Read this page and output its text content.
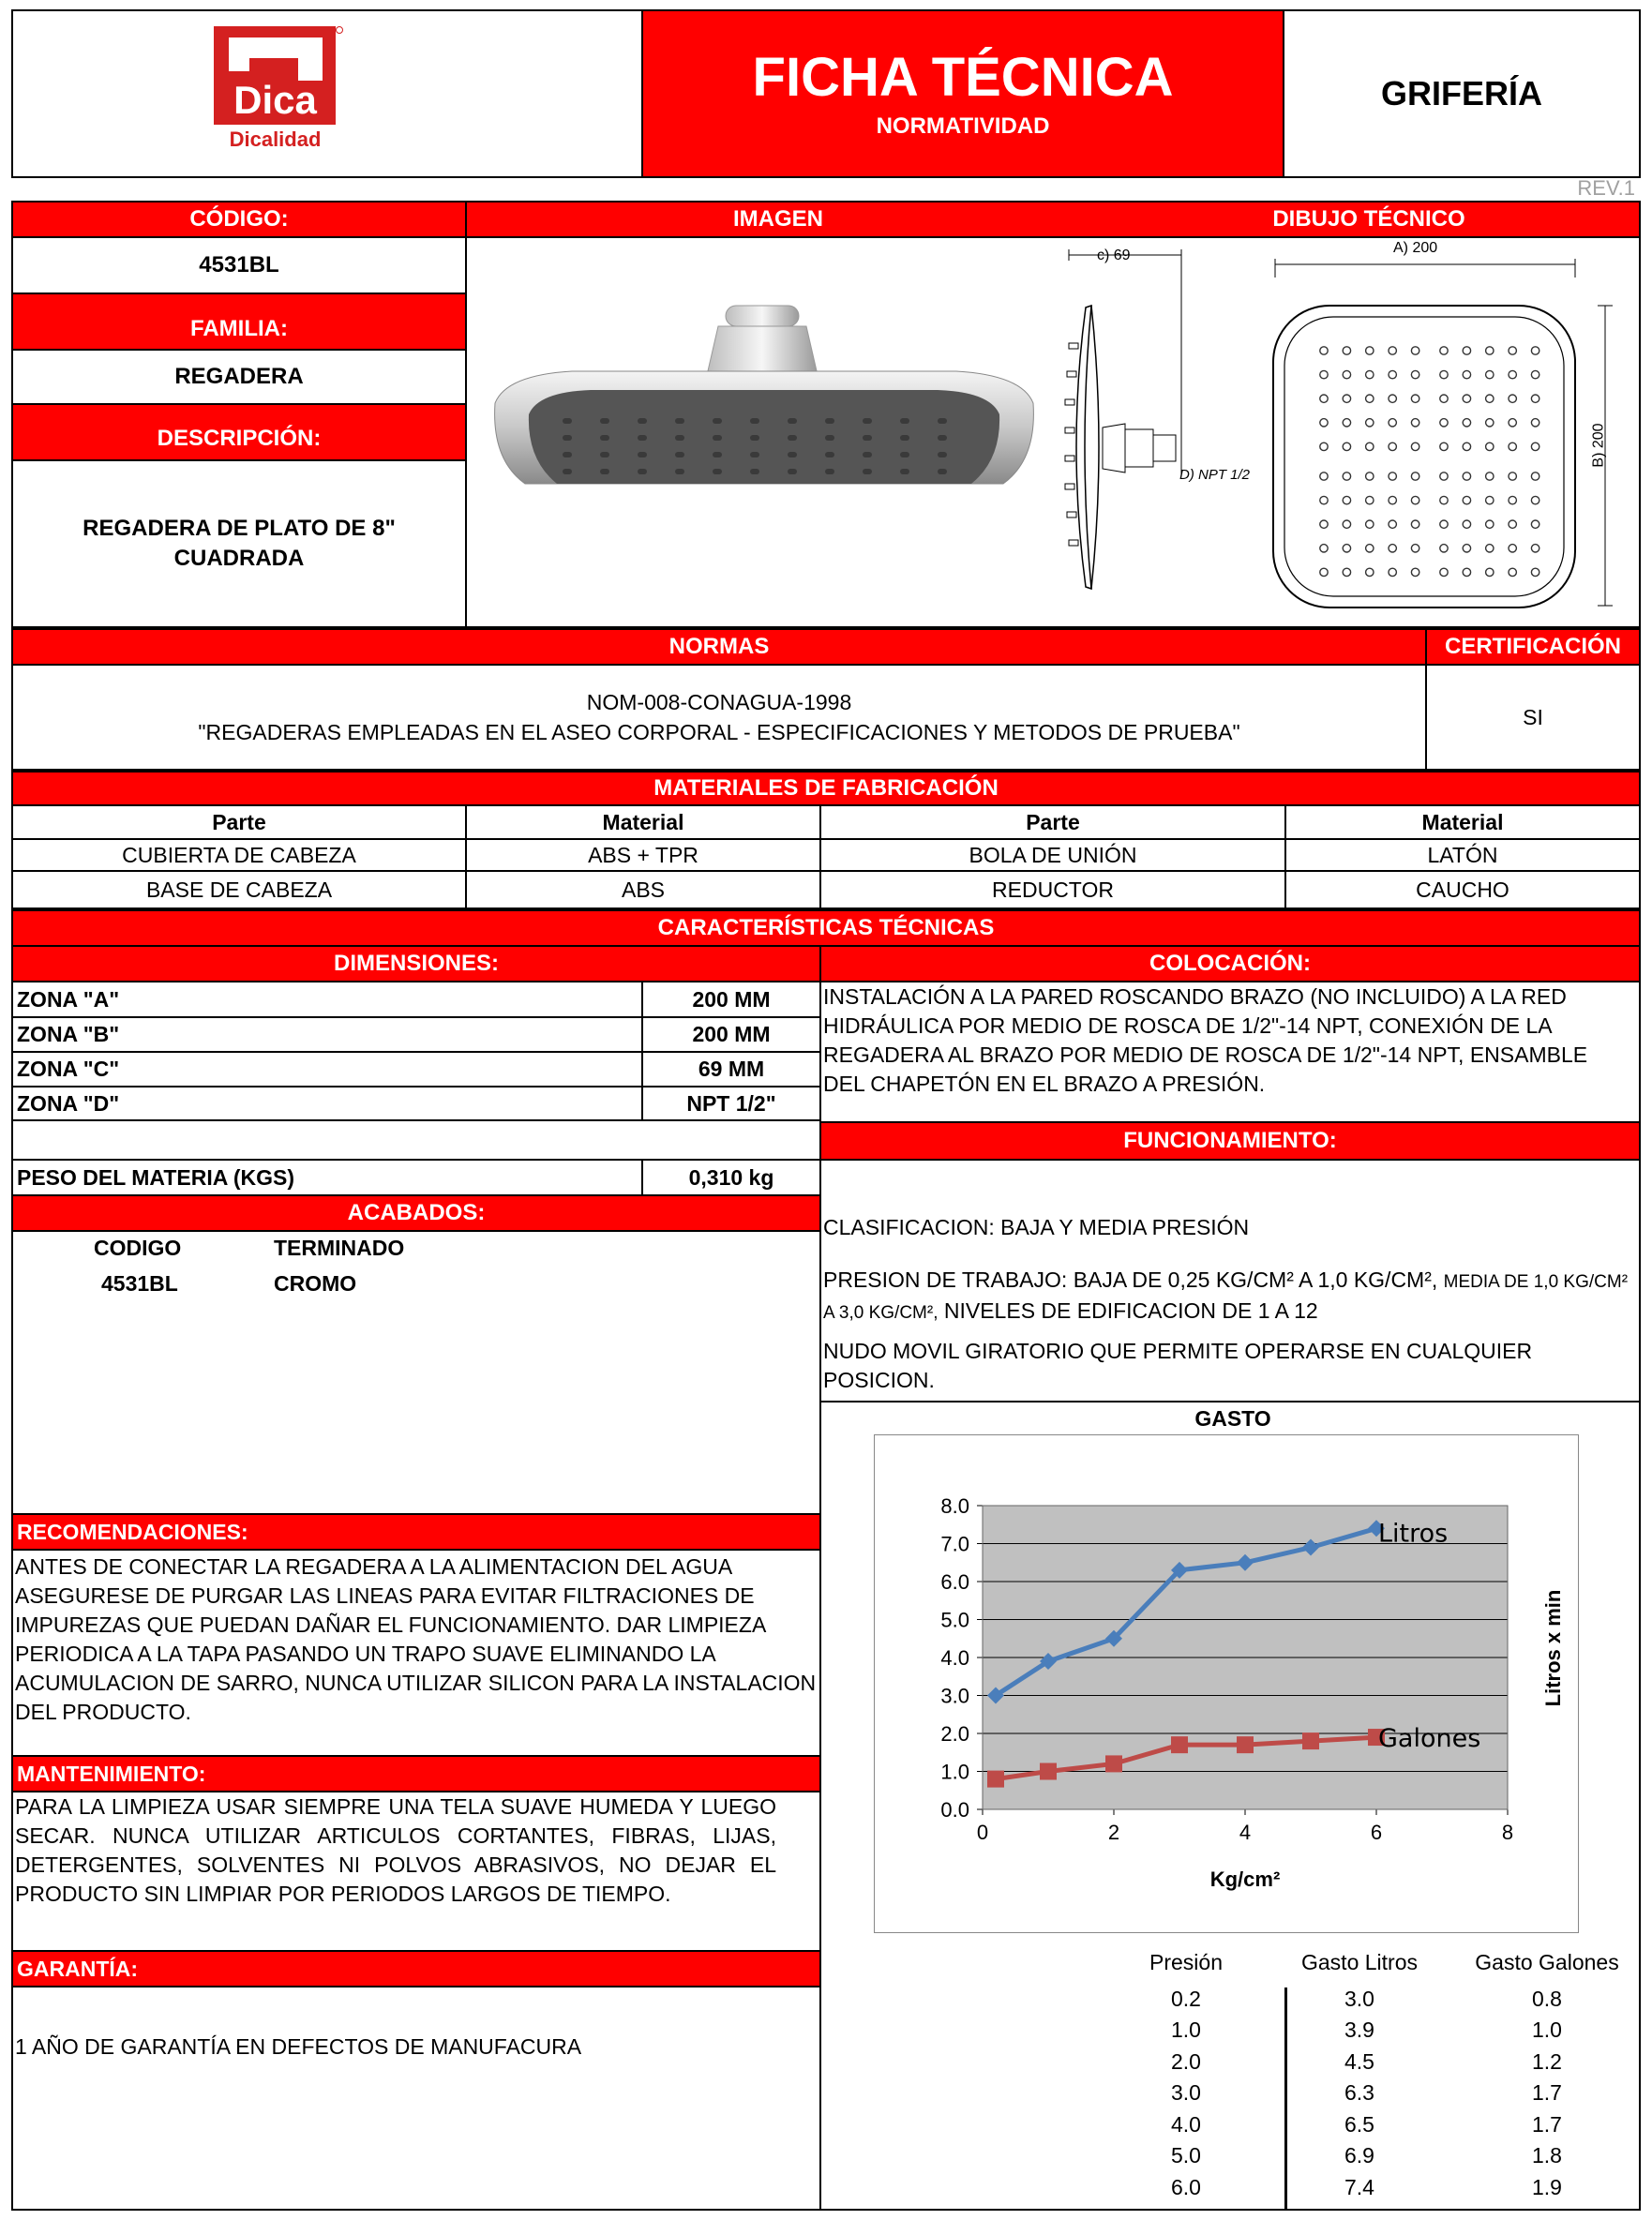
Dica
Dicalidad
FICHA TÉCNICA
NORMATIVIDAD
GRIFERÍA
REV.1
CÓDIGO:
4531BL
FAMILIA:
REGADERA
DESCRIPCIÓN:
REGADERA DE PLATO DE 8" CUADRADA
IMAGEN	DIBUJO TÉCNICO
c) 69
D) NPT 1/2
A) 200
B) 200
NORMAS	CERTIFICACIÓN
NOM-008-CONAGUA-1998
"REGADERAS EMPLEADAS EN EL ASEO CORPORAL - ESPECIFICACIONES Y METODOS DE PRUEBA"
SI
MATERIALES DE FABRICACIÓN
Parte	Material	Parte	Material
CUBIERTA DE CABEZA	ABS + TPR	BOLA DE UNIÓN	LATÓN
BASE DE CABEZA	ABS	REDUCTOR	CAUCHO
CARACTERÍSTICAS TÉCNICAS
DIMENSIONES:
ZONA "A"	200 MM
ZONA "B"	200 MM
ZONA "C"	69 MM
ZONA "D"	NPT 1/2"
PESO DEL MATERIA (KGS)	0,310 kg
ACABADOS:
CODIGO	TERMINADO
4531BL	CROMO
RECOMENDACIONES:
ANTES DE CONECTAR LA REGADERA A LA ALIMENTACION DEL AGUA ASEGURESE DE PURGAR LAS LINEAS PARA EVITAR FILTRACIONES DE IMPUREZAS QUE PUEDAN DAÑAR EL FUNCIONAMIENTO. DAR LIMPIEZA PERIODICA A LA TAPA PASANDO UN TRAPO SUAVE ELIMINANDO LA ACUMULACION DE SARRO, NUNCA UTILIZAR SILICON PARA LA INSTALACION DEL PRODUCTO.
MANTENIMIENTO:
PARA LA LIMPIEZA USAR SIEMPRE UNA TELA SUAVE HUMEDA Y LUEGO SECAR. NUNCA UTILIZAR ARTICULOS CORTANTES, FIBRAS, LIJAS, DETERGENTES, SOLVENTES NI POLVOS ABRASIVOS, NO DEJAR EL PRODUCTO SIN LIMPIAR POR PERIODOS LARGOS DE TIEMPO.
GARANTÍA:
1 AÑO DE GARANTÍA EN DEFECTOS DE MANUFACURA
COLOCACIÓN:
INSTALACIÓN A LA PARED ROSCANDO BRAZO (NO INCLUIDO) A LA RED HIDRÁULICA POR MEDIO DE ROSCA DE 1/2"-14 NPT, CONEXIÓN DE LA REGADERA AL BRAZO POR MEDIO DE ROSCA DE 1/2"-14 NPT, ENSAMBLE DEL CHAPETÓN EN EL BRAZO A PRESIÓN.
FUNCIONAMIENTO:
CLASIFICACION: BAJA Y MEDIA PRESIÓN
PRESION DE TRABAJO: BAJA DE 0,25 KG/CM² A 1,0 KG/CM², MEDIA DE 1,0 KG/CM² A 3,0 KG/CM², NIVELES DE EDIFICACION DE 1 A 12
NUDO MOVIL GIRATORIO QUE PERMITE OPERARSE EN CUALQUIER POSICION.
GASTO
0.0
1.0
2.0
3.0
4.0
5.0
6.0
7.0
8.0
0	2	4	6	8
Kg/cm²
Litros x min
Litros
Galones
Presión	Gasto Litros	Gasto Galones
0.2	3.0	0.8
1.0	3.9	1.0
2.0	4.5	1.2
3.0	6.3	1.7
4.0	6.5	1.7
5.0	6.9	1.8
6.0	7.4	1.9
